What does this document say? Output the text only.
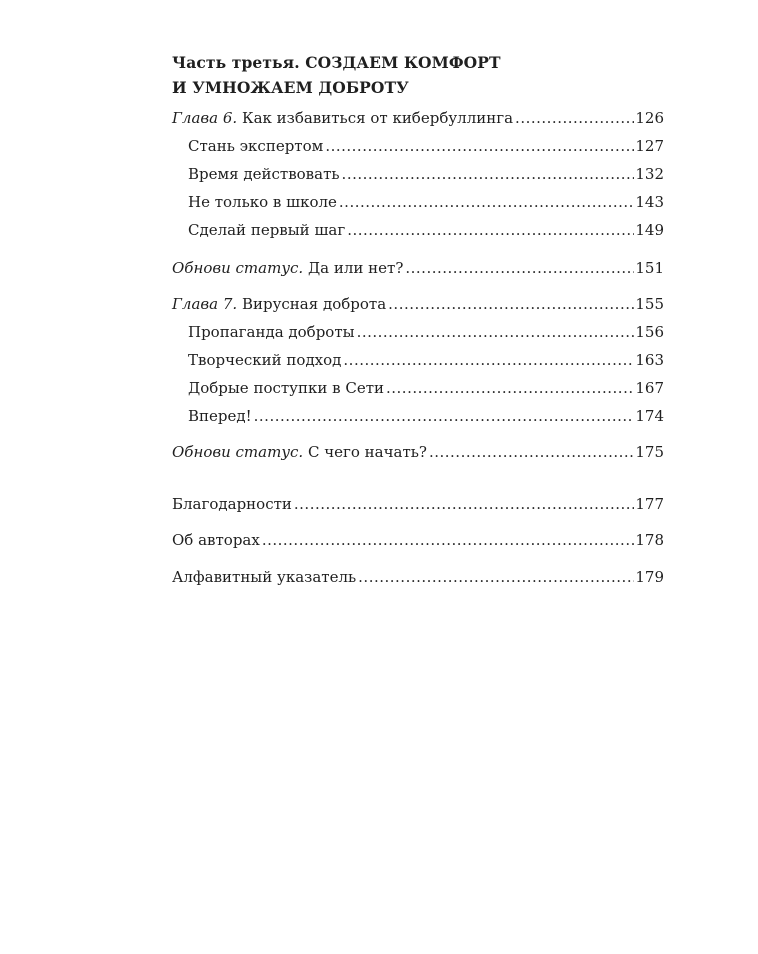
Часть третья. СОЗДАЕМ КОМФОРТ
И УМНОЖАЕМ ДОБРОТУ
Глава 6. Как избавиться от кибербуллинга .....	126
Стань экспертом .....	127
Время действовать .....	132
Не только в школе .....	143
Сделай первый шаг .....	149
Обнови статус. Да или нет? .....	151
Глава 7. Вирусная доброта .....	155
Пропаганда доброты .....	156
Творческий подход .....	163
Добрые поступки в Сети .....	167
Вперед! .....	174
Обнови статус. С чего начать? .....	175
Благодарности .....	177
Об авторах .....	178
Алфавитный указатель .....	179
